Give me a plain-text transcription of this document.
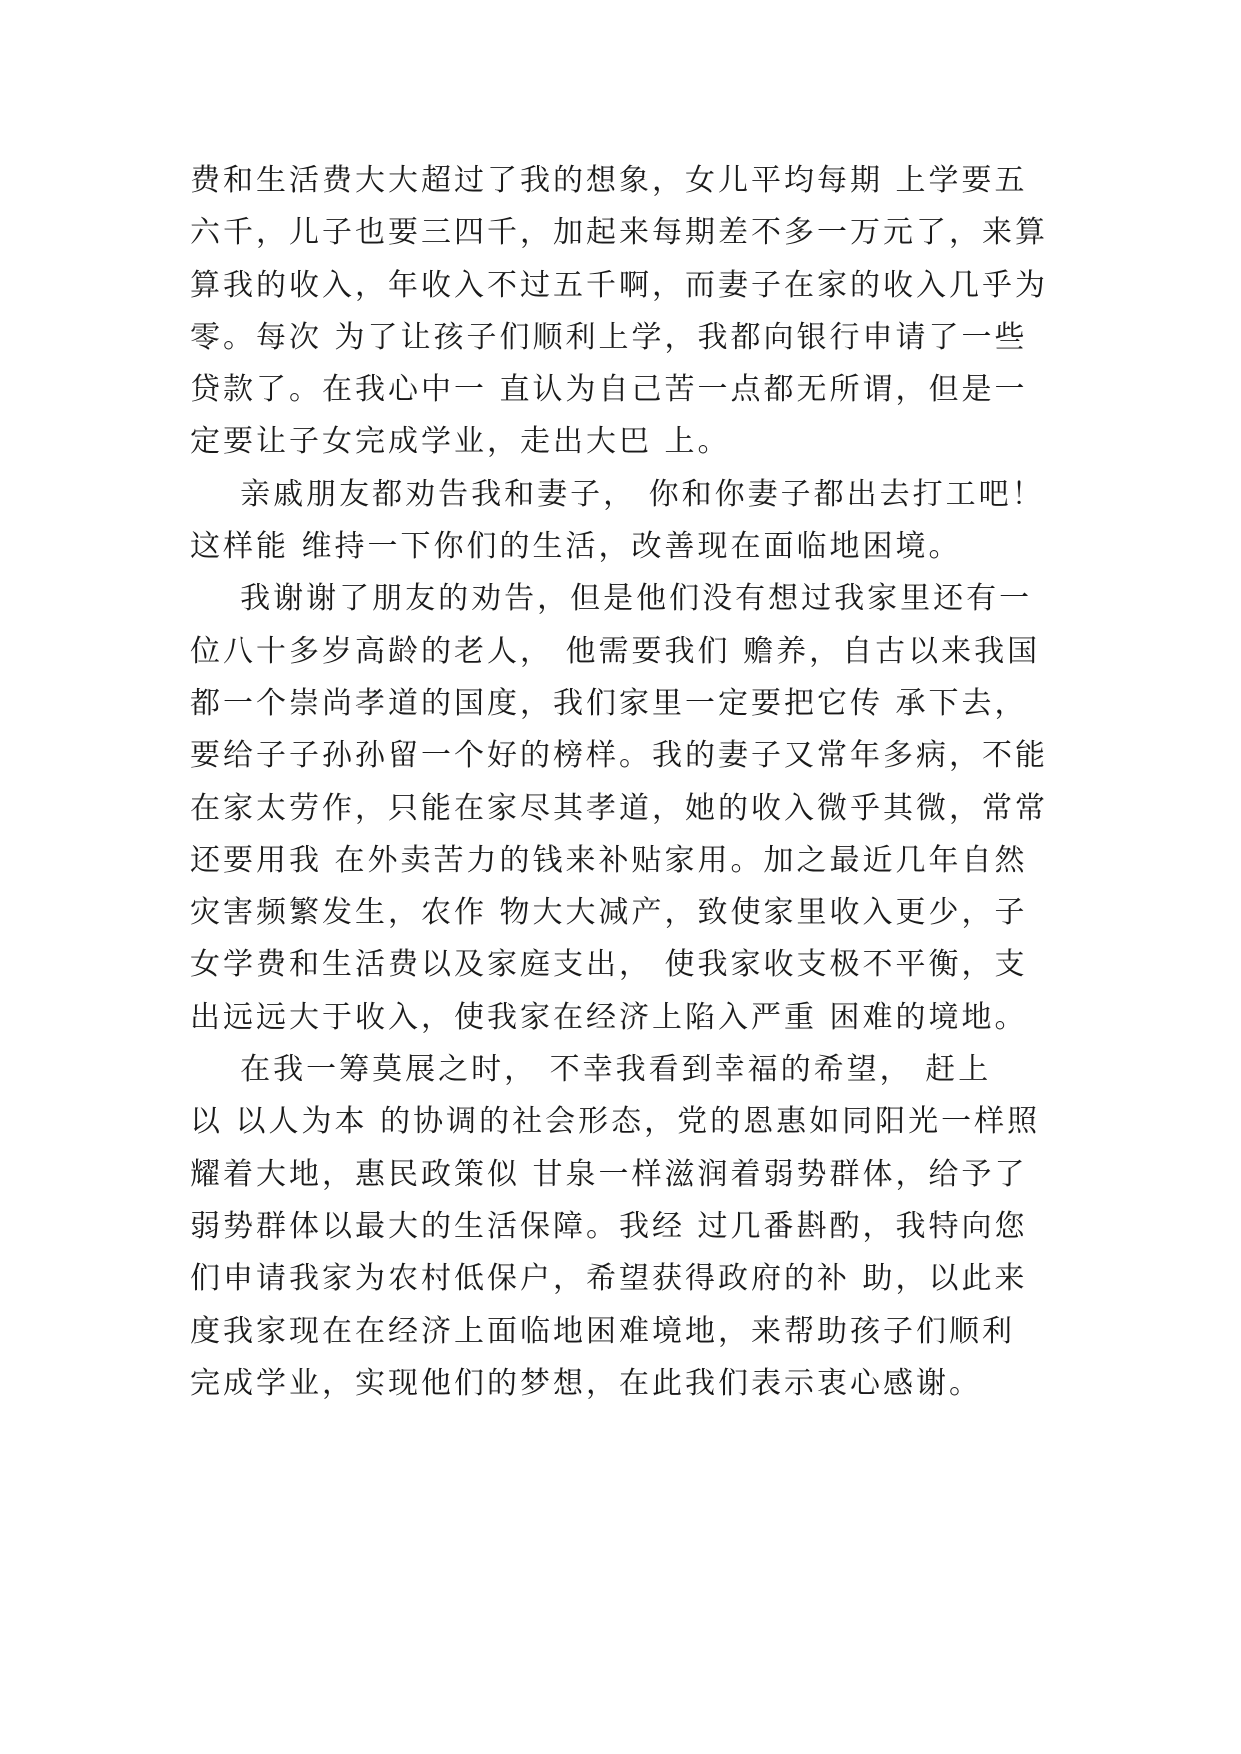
费和生活费大大超过了我的想象，女儿平均每期 上学要五
六千，儿子也要三四千，加起来每期差不多一万元了，来算
算我的收入，年收入不过五千啊，而妻子在家的收入几乎为
零。每次 为了让孩子们顺利上学，我都向银行申请了一些
贷款了。在我心中一 直认为自己苦一点都无所谓，但是一
定要让子女完成学业，走出大巴 上。
亲戚朋友都劝告我和妻子， 你和你妻子都出去打工吧！
这样能 维持一下你们的生活，改善现在面临地困境。
我谢谢了朋友的劝告，但是他们没有想过我家里还有一
位八十多岁高龄的老人， 他需要我们 赡养，自古以来我国
都一个崇尚孝道的国度，我们家里一定要把它传 承下去，
要给子子孙孙留一个好的榜样。我的妻子又常年多病，不能
在家太劳作，只能在家尽其孝道，她的收入微乎其微，常常
还要用我 在外卖苦力的钱来补贴家用。加之最近几年自然
灾害频繁发生，农作 物大大减产，致使家里收入更少，子
女学费和生活费以及家庭支出， 使我家收支极不平衡，支
出远远大于收入，使我家在经济上陷入严重 困难的境地。
在我一筹莫展之时， 不幸我看到幸福的希望， 赶上
以 以人为本 的协调的社会形态，党的恩惠如同阳光一样照
耀着大地，惠民政策似 甘泉一样滋润着弱势群体，给予了
弱势群体以最大的生活保障。我经 过几番斟酌，我特向您
们申请我家为农村低保户，希望获得政府的补 助，以此来
度我家现在在经济上面临地困难境地，来帮助孩子们顺利
完成学业，实现他们的梦想，在此我们表示衷心感谢。
